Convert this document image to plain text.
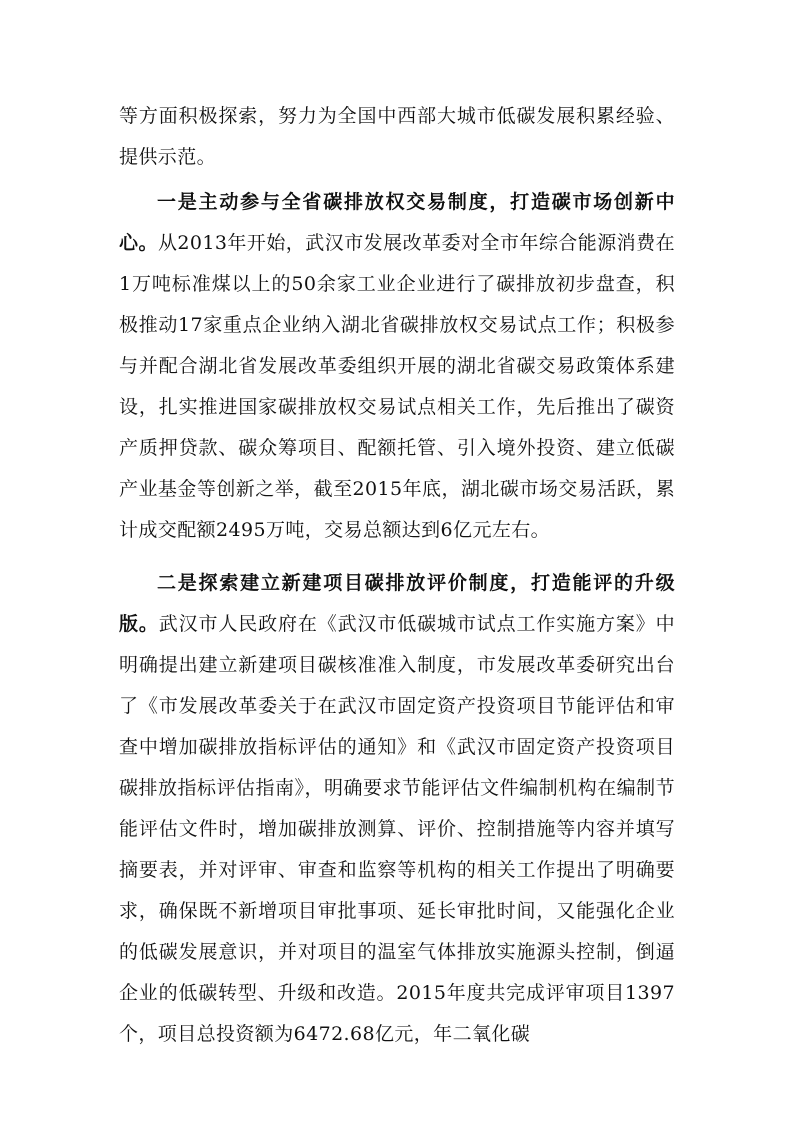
等方面积极探索，努力为全国中西部大城市低碳发展积累经验、提供示范。

一是主动参与全省碳排放权交易制度，打造碳市场创新中心。从2013年开始，武汉市发展改革委对全市年综合能源消费在1万吨标准煤以上的50余家工业企业进行了碳排放初步盘查，积极推动17家重点企业纳入湖北省碳排放权交易试点工作；积极参与并配合湖北省发展改革委组织开展的湖北省碳交易政策体系建设，扎实推进国家碳排放权交易试点相关工作，先后推出了碳资产质押贷款、碳众筹项目、配额托管、引入境外投资、建立低碳产业基金等创新之举，截至2015年底，湖北碳市场交易活跃，累计成交配额2495万吨，交易总额达到6亿元左右。

二是探索建立新建项目碳排放评价制度，打造能评的升级版。武汉市人民政府在《武汉市低碳城市试点工作实施方案》中明确提出建立新建项目碳核准准入制度，市发展改革委研究出台了《市发展改革委关于在武汉市固定资产投资项目节能评估和审查中增加碳排放指标评估的通知》和《武汉市固定资产投资项目碳排放指标评估指南》，明确要求节能评估文件编制机构在编制节能评估文件时，增加碳排放测算、评价、控制措施等内容并填写摘要表，并对评审、审查和监察等机构的相关工作提出了明确要求，确保既不新增项目审批事项、延长审批时间，又能强化企业的低碳发展意识，并对项目的温室气体排放实施源头控制，倒逼企业的低碳转型、升级和改造。2015年度共完成评审项目1397个，项目总投资额为6472.68亿元，年二氧化碳
